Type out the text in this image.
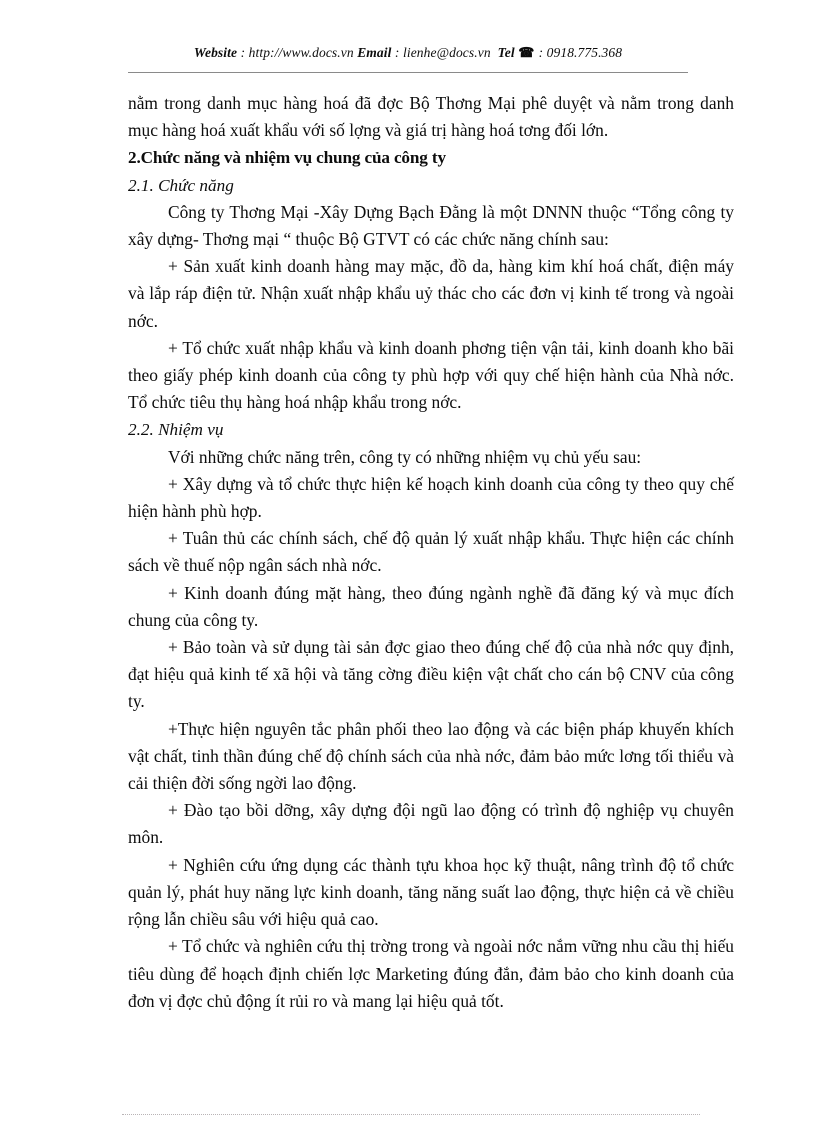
Website : http://www.docs.vn Email : lienhe@docs.vn Tel ☎ : 0918.775.368

nằm trong danh mục hàng hoá đã đợc Bộ Thơng Mại phê duyệt và nằm trong danh mục hàng hoá xuất khẩu với số lợng và giá trị hàng hoá tơng đối lớn.

2.Chức năng và nhiệm vụ chung của công ty

2.1. Chức năng

Công ty Thơng Mại -Xây Dựng Bạch Đằng là một DNNN thuộc “Tổng công ty xây dựng- Thơng mại “ thuộc Bộ GTVT có các chức năng chính sau:

+ Sản xuất kinh doanh hàng may mặc, đồ da, hàng kim khí hoá chất, điện máy và lắp ráp điện tử. Nhận xuất nhập khẩu uỷ thác cho các đơn vị kinh tế trong và ngoài nớc.

+ Tổ chức xuất nhập khẩu và kinh doanh phơng tiện vận tải, kinh doanh kho bãi theo giấy phép kinh doanh của công ty phù hợp với quy chế hiện hành của Nhà nớc. Tổ chức tiêu thụ hàng hoá nhập khẩu trong nớc.

2.2. Nhiệm vụ

Với những chức năng trên, công ty có những nhiệm vụ chủ yếu sau:

+ Xây dựng và tổ chức thực hiện kế hoạch kinh doanh của công ty theo quy chế hiện hành phù hợp.

+ Tuân thủ các chính sách, chế độ quản lý xuất nhập khẩu. Thực hiện các chính sách về thuế nộp ngân sách nhà nớc.

+ Kinh doanh đúng mặt hàng, theo đúng ngành nghề đã đăng ký và mục đích chung của công ty.

+ Bảo toàn và sử dụng tài sản đợc giao theo đúng chế độ của nhà nớc quy định, đạt hiệu quả kinh tế xã hội và tăng cờng điều kiện vật chất cho cán bộ CNV của công ty.

+Thực hiện nguyên tắc phân phối theo lao động và các biện pháp khuyến khích vật chất, tinh thần đúng chế độ chính sách của nhà nớc, đảm bảo mức lơng tối thiểu và cải thiện đời sống ngời lao động.

+ Đào tạo bồi dỡng, xây dựng đội ngũ lao động có trình độ nghiệp vụ chuyên môn.

+ Nghiên cứu ứng dụng các thành tựu khoa học kỹ thuật, nâng trình độ tổ chức quản lý, phát huy năng lực kinh doanh, tăng năng suất lao động, thực hiện cả về chiều rộng lẫn chiều sâu với hiệu quả cao.

+ Tổ chức và nghiên cứu thị trờng trong và ngoài nớc nắm vững nhu cầu thị hiếu tiêu dùng để hoạch định chiến lợc Marketing đúng đắn, đảm bảo cho kinh doanh của đơn vị đợc chủ động ít rủi ro và mang lại hiệu quả tốt.
